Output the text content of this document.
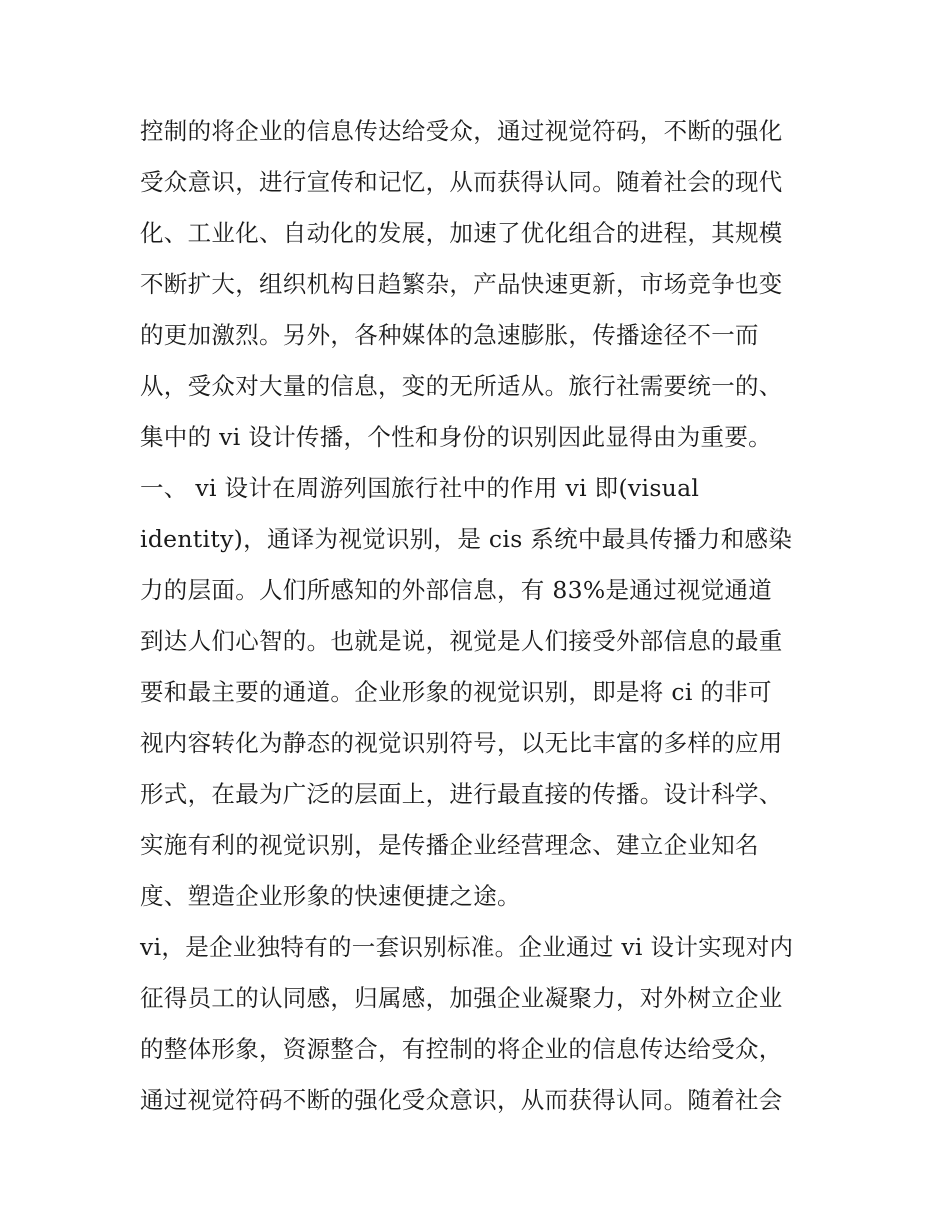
控制的将企业的信息传达给受众，通过视觉符码，不断的强化
受众意识，进行宣传和记忆，从而获得认同。随着社会的现代
化、工业化、自动化的发展，加速了优化组合的进程，其规模
不断扩大，组织机构日趋繁杂，产品快速更新，市场竞争也变
的更加激烈。另外，各种媒体的急速膨胀，传播途径不一而
从，受众对大量的信息，变的无所适从。旅行社需要统一的、
集中的 vi 设计传播，个性和身份的识别因此显得由为重要。
一、 vi 设计在周游列国旅行社中的作用 vi 即(visual
identity)，通译为视觉识别，是 cis 系统中最具传播力和感染
力的层面。人们所感知的外部信息，有 83%是通过视觉通道
到达人们心智的。也就是说，视觉是人们接受外部信息的最重
要和最主要的通道。企业形象的视觉识别，即是将 ci 的非可
视内容转化为静态的视觉识别符号，以无比丰富的多样的应用
形式，在最为广泛的层面上，进行最直接的传播。设计科学、
实施有利的视觉识别，是传播企业经营理念、建立企业知名
度、塑造企业形象的快速便捷之途。
vi，是企业独特有的一套识别标准。企业通过 vi 设计实现对内
征得员工的认同感，归属感，加强企业凝聚力，对外树立企业
的整体形象，资源整合，有控制的将企业的信息传达给受众，
通过视觉符码不断的强化受众意识，从而获得认同。随着社会
